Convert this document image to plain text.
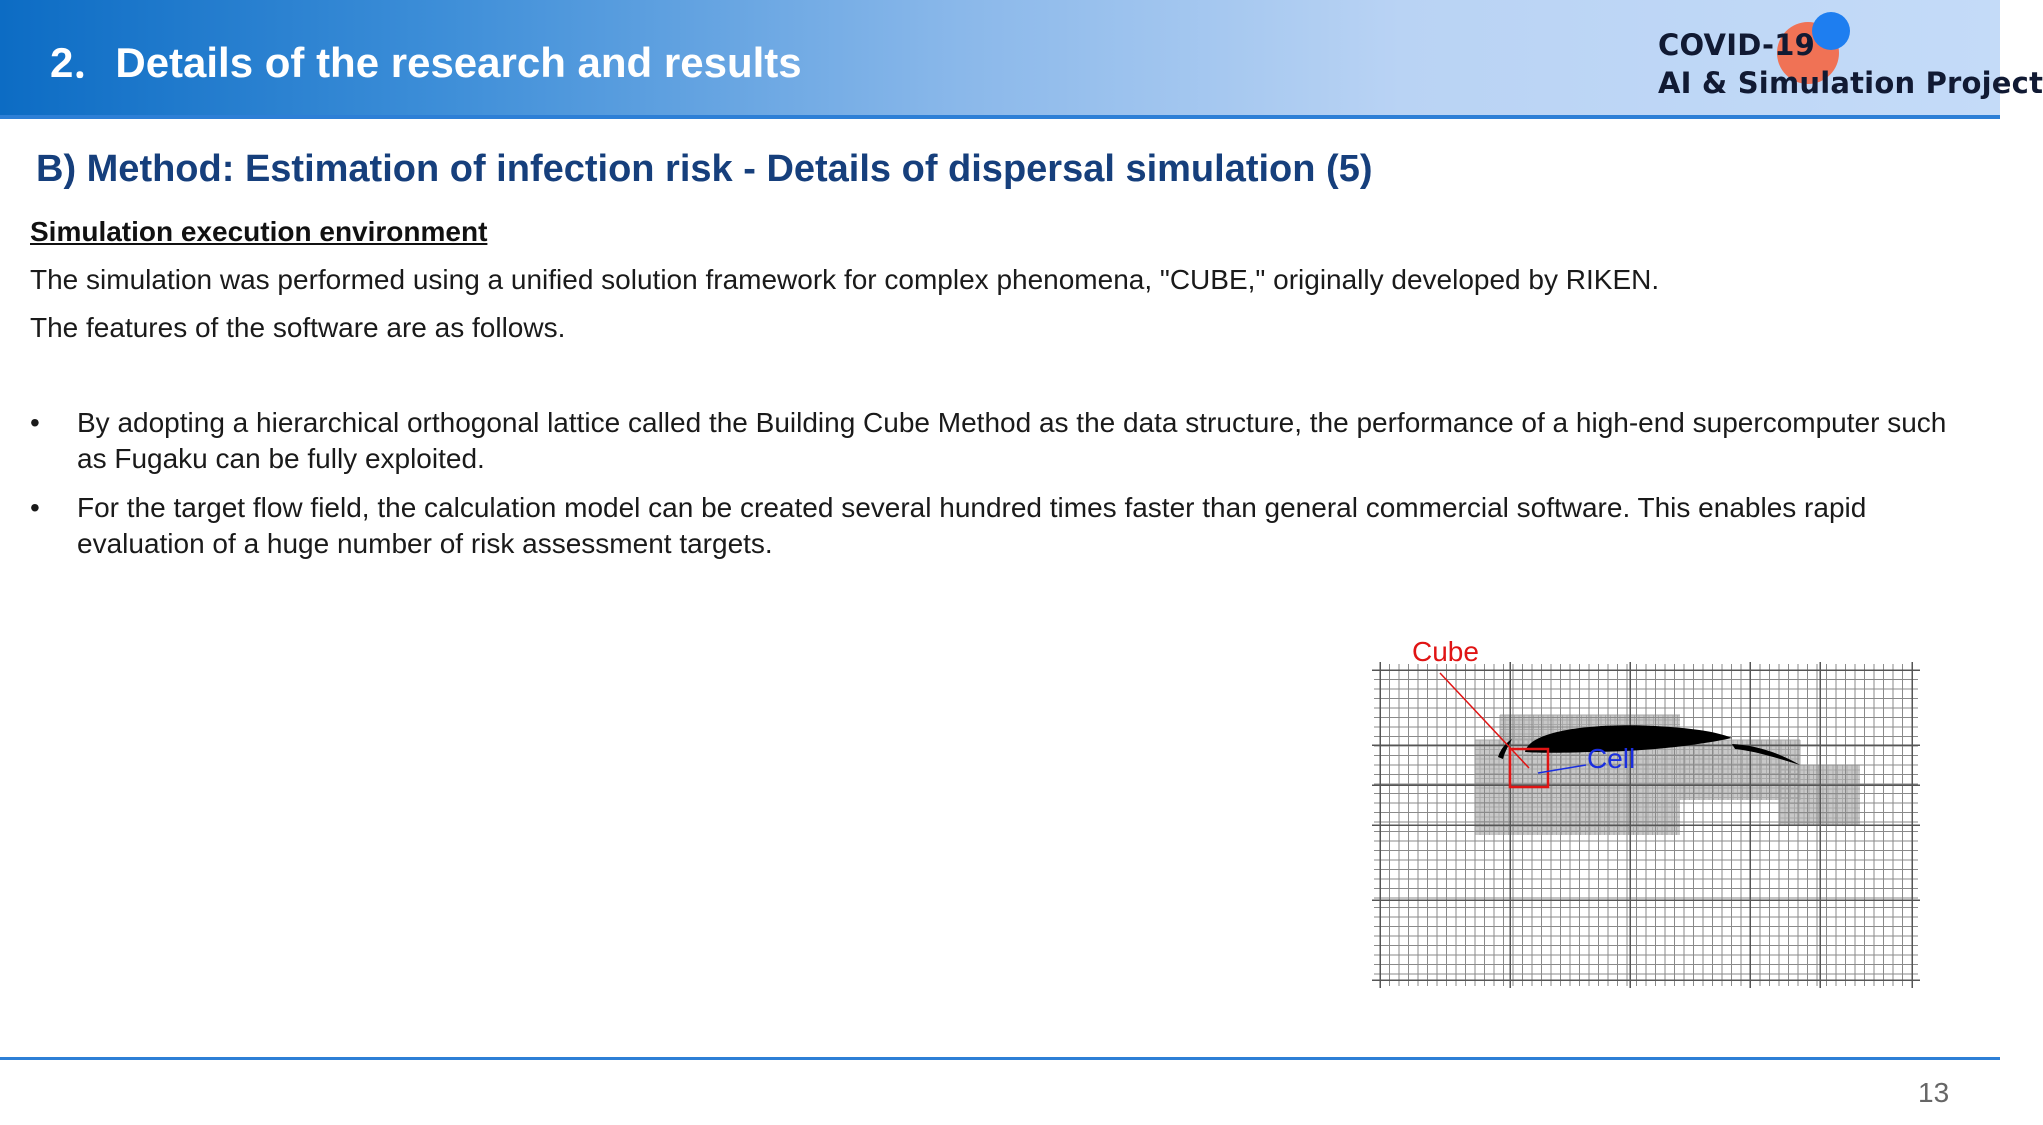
2．Details of the research and results	COVID-19
AI & Simulation Project
B) Method: Estimation of infection risk - Details of dispersal simulation (5)
Simulation execution environment
The simulation was performed using a unified solution framework for complex phenomena, "CUBE," originally developed by RIKEN.
The features of the software are as follows.
• By adopting a hierarchical orthogonal lattice called the Building Cube Method as the data structure, the performance of a high-end supercomputer such as Fugaku can be fully exploited.
• For the target flow field, the calculation model can be created several hundred times faster than general commercial software. This enables rapid evaluation of a huge number of risk assessment targets.
Cube
Cell
13
